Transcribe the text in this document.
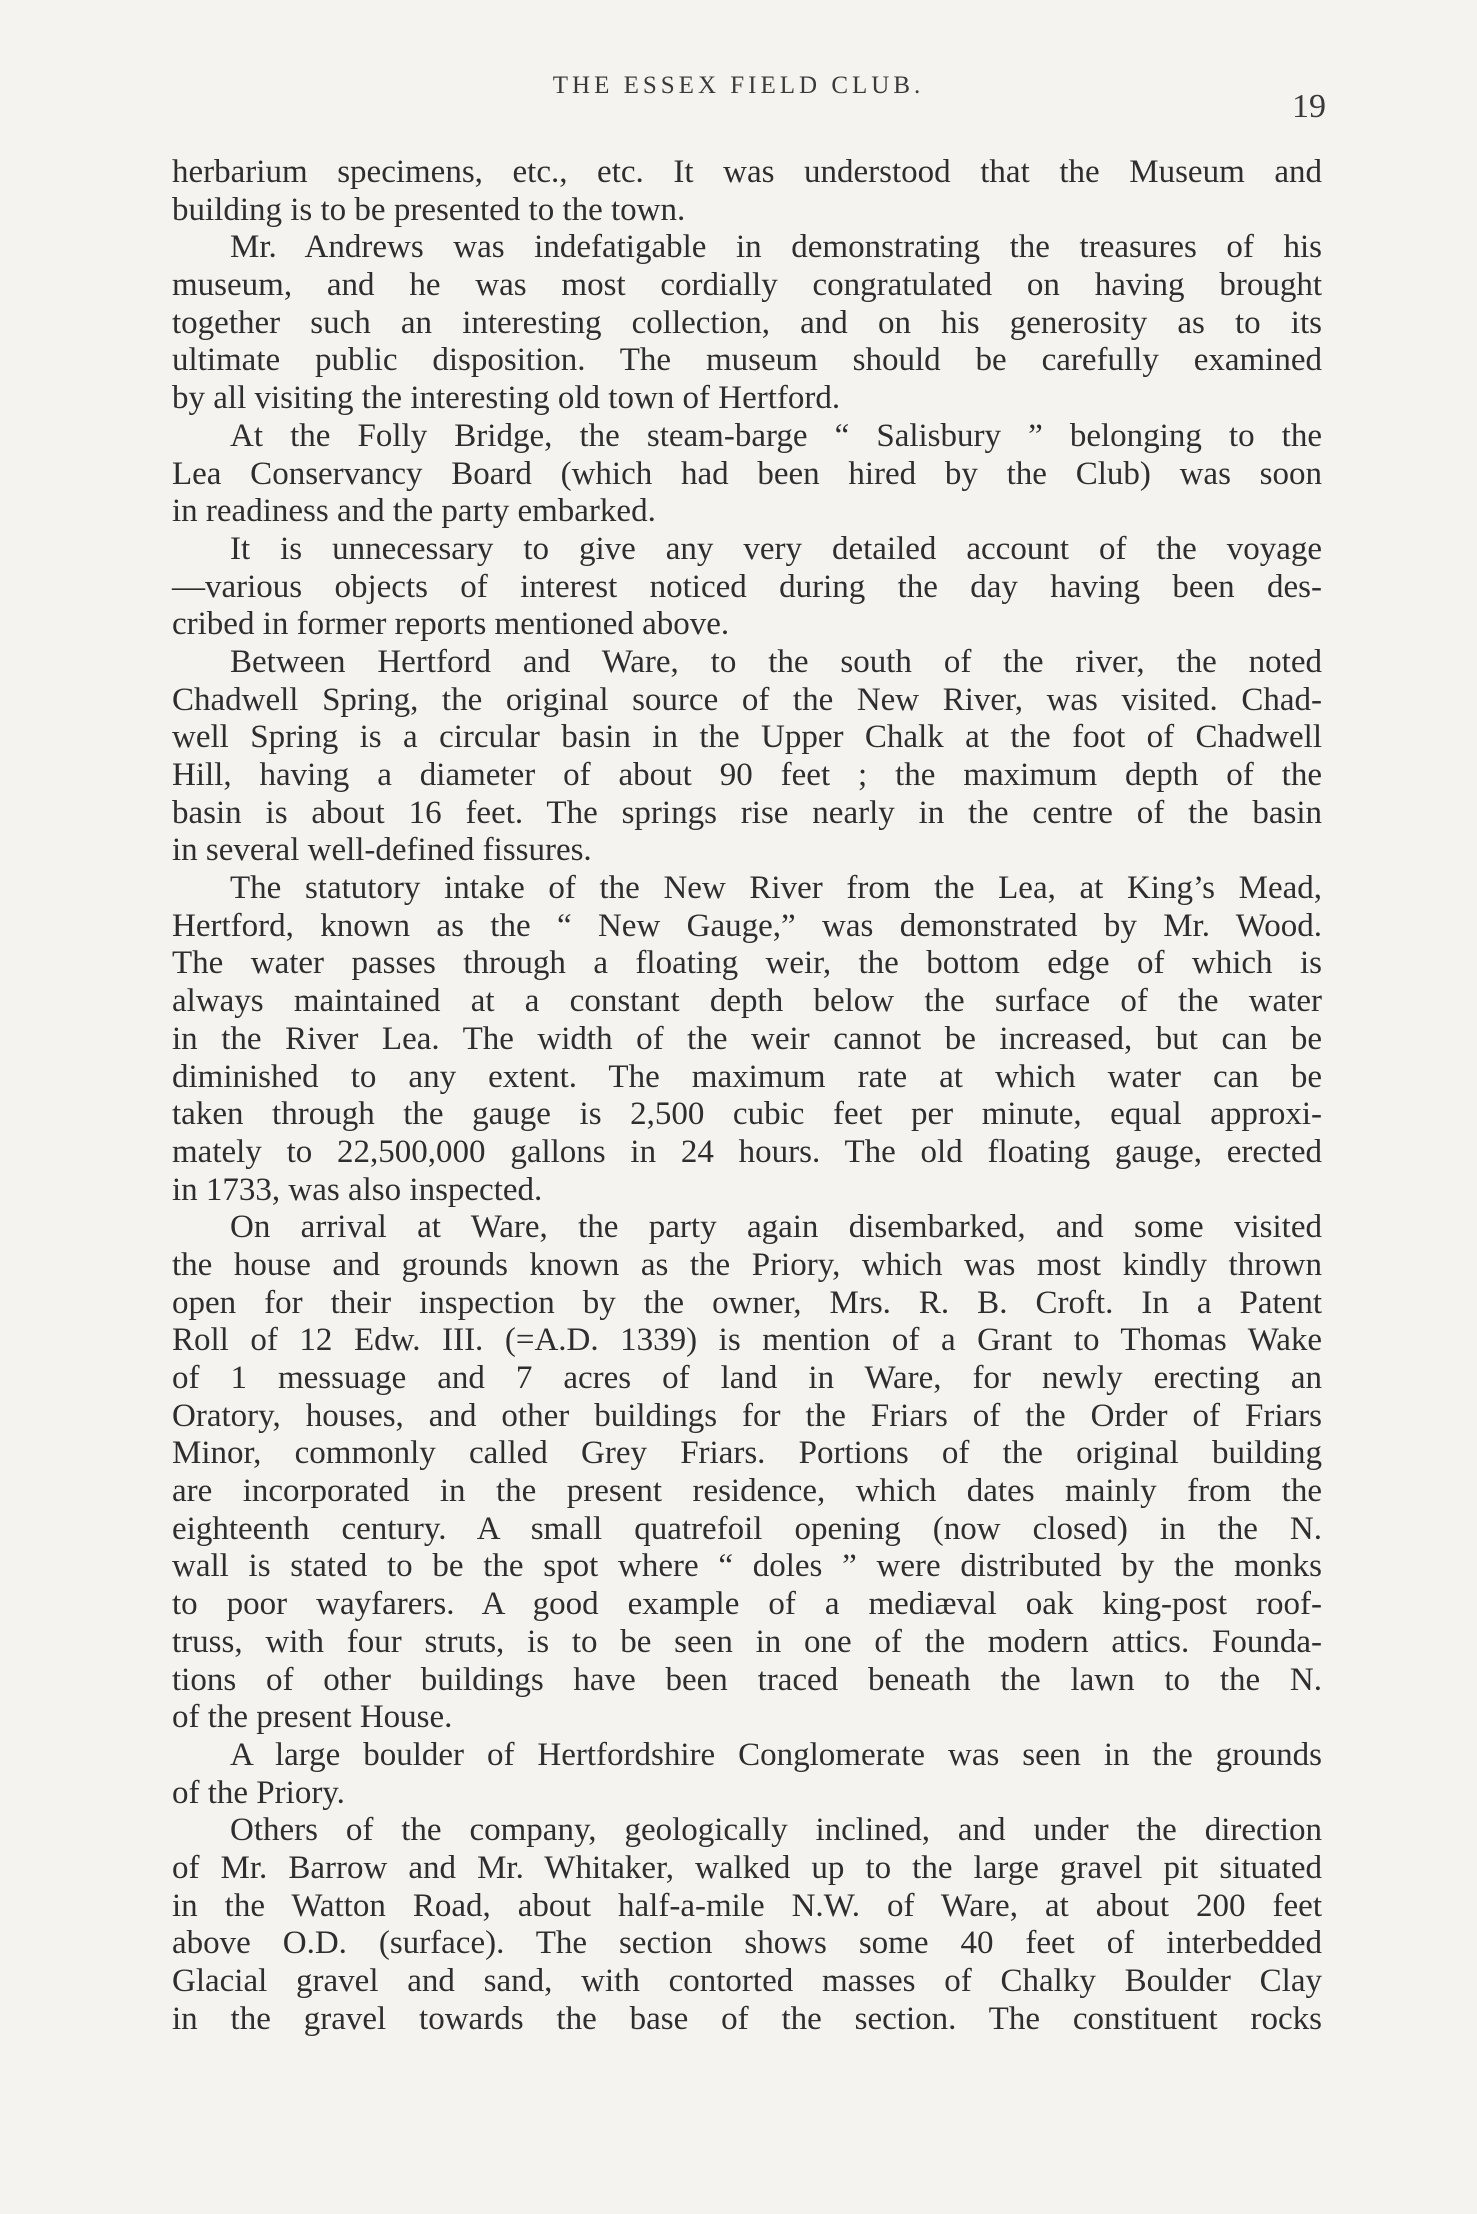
THE ESSEX FIELD CLUB.
19
herbarium specimens, etc., etc. It was understood that the Museum and
building is to be presented to the town.
Mr. Andrews was indefatigable in demonstrating the treasures of his
museum, and he was most cordially congratulated on having brought
together such an interesting collection, and on his generosity as to its
ultimate public disposition. The museum should be carefully examined
by all visiting the interesting old town of Hertford.
At the Folly Bridge, the steam-barge “ Salisbury ” belonging to the
Lea Conservancy Board (which had been hired by the Club) was soon
in readiness and the party embarked.
It is unnecessary to give any very detailed account of the voyage
—various objects of interest noticed during the day having been des-
cribed in former reports mentioned above.
Between Hertford and Ware, to the south of the river, the noted
Chadwell Spring, the original source of the New River, was visited. Chad-
well Spring is a circular basin in the Upper Chalk at the foot of Chadwell
Hill, having a diameter of about 90 feet ; the maximum depth of the
basin is about 16 feet. The springs rise nearly in the centre of the basin
in several well-defined fissures.
The statutory intake of the New River from the Lea, at King’s Mead,
Hertford, known as the “ New Gauge,” was demonstrated by Mr. Wood.
The water passes through a floating weir, the bottom edge of which is
always maintained at a constant depth below the surface of the water
in the River Lea. The width of the weir cannot be increased, but can be
diminished to any extent. The maximum rate at which water can be
taken through the gauge is 2,500 cubic feet per minute, equal approxi-
mately to 22,500,000 gallons in 24 hours. The old floating gauge, erected
in 1733, was also inspected.
On arrival at Ware, the party again disembarked, and some visited
the house and grounds known as the Priory, which was most kindly thrown
open for their inspection by the owner, Mrs. R. B. Croft. In a Patent
Roll of 12 Edw. III. (=A.D. 1339) is mention of a Grant to Thomas Wake
of 1 messuage and 7 acres of land in Ware, for newly erecting an
Oratory, houses, and other buildings for the Friars of the Order of Friars
Minor, commonly called Grey Friars. Portions of the original building
are incorporated in the present residence, which dates mainly from the
eighteenth century. A small quatrefoil opening (now closed) in the N.
wall is stated to be the spot where “ doles ” were distributed by the monks
to poor wayfarers. A good example of a mediæval oak king-post roof-
truss, with four struts, is to be seen in one of the modern attics. Founda-
tions of other buildings have been traced beneath the lawn to the N.
of the present House.
A large boulder of Hertfordshire Conglomerate was seen in the grounds
of the Priory.
Others of the company, geologically inclined, and under the direction
of Mr. Barrow and Mr. Whitaker, walked up to the large gravel pit situated
in the Watton Road, about half-a-mile N.W. of Ware, at about 200 feet
above O.D. (surface). The section shows some 40 feet of interbedded
Glacial gravel and sand, with contorted masses of Chalky Boulder Clay
in the gravel towards the base of the section. The constituent rocks
